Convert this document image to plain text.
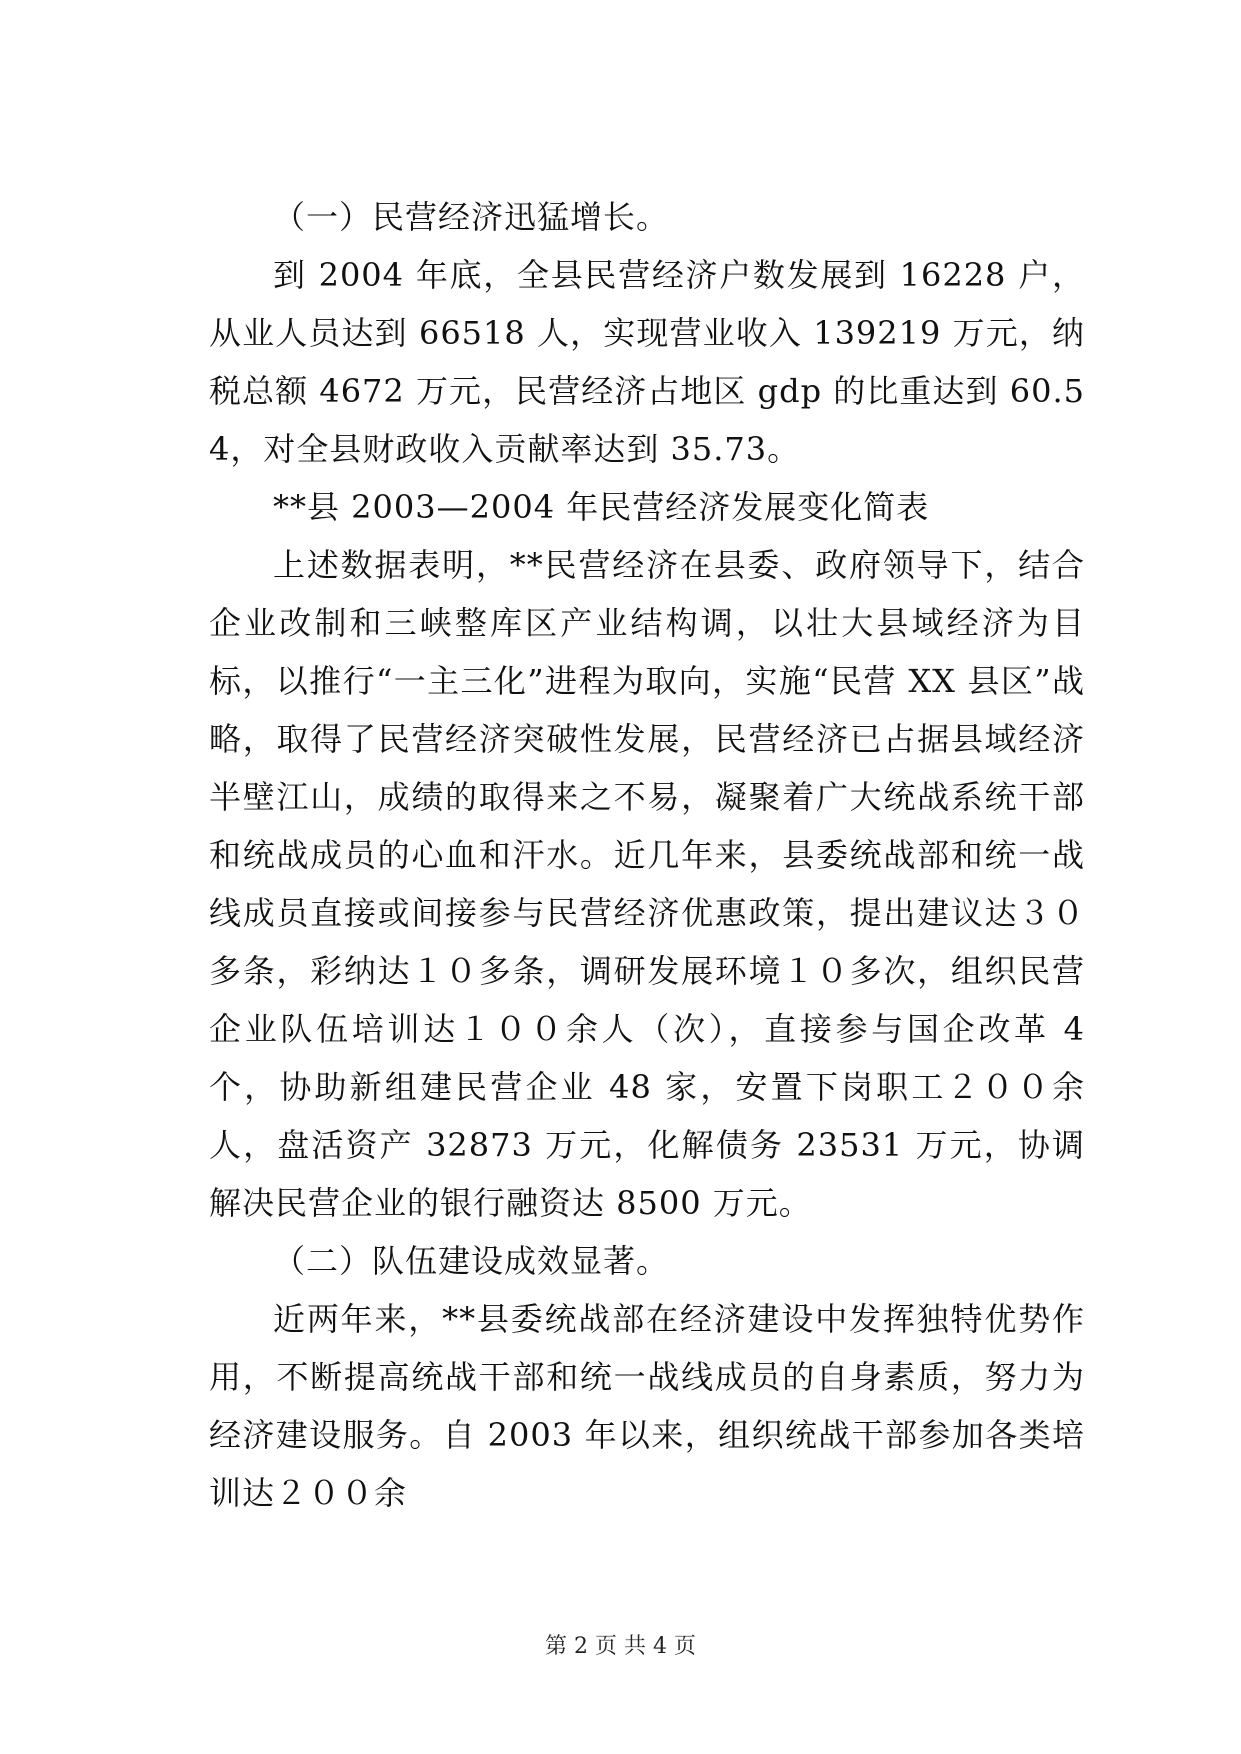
（一）民营经济迅猛增长。

到 2004 年底，全县民营经济户数发展到 16228 户，从业人员达到 66518 人，实现营业收入 139219 万元，纳税总额 4672 万元，民营经济占地区 gdp 的比重达到 60.54，对全县财政收入贡献率达到 35.73。

**县 2003—2004 年民营经济发展变化简表

上述数据表明，**民营经济在县委、政府领导下，结合企业改制和三峡整库区产业结构调，以壮大县域经济为目标，以推行“一主三化”进程为取向，实施“民营 XX 县区”战略，取得了民营经济突破性发展，民营经济已占据县域经济半壁江山，成绩的取得来之不易，凝聚着广大统战系统干部和统战成员的心血和汗水。近几年来，县委统战部和统一战线成员直接或间接参与民营经济优惠政策，提出建议达３０多条，彩纳达１０多条，调研发展环境１０多次，组织民营企业队伍培训达１００余人（次），直接参与国企改革 4 个，协助新组建民营企业 48 家，安置下岗职工２００余人，盘活资产 32873 万元，化解债务 23531 万元，协调解决民营企业的银行融资达 8500 万元。

（二）队伍建设成效显著。

近两年来，**县委统战部在经济建设中发挥独特优势作用，不断提高统战干部和统一战线成员的自身素质，努力为经济建设服务。自 2003 年以来，组织统战干部参加各类培训达２００余

第 2 页 共 4 页
